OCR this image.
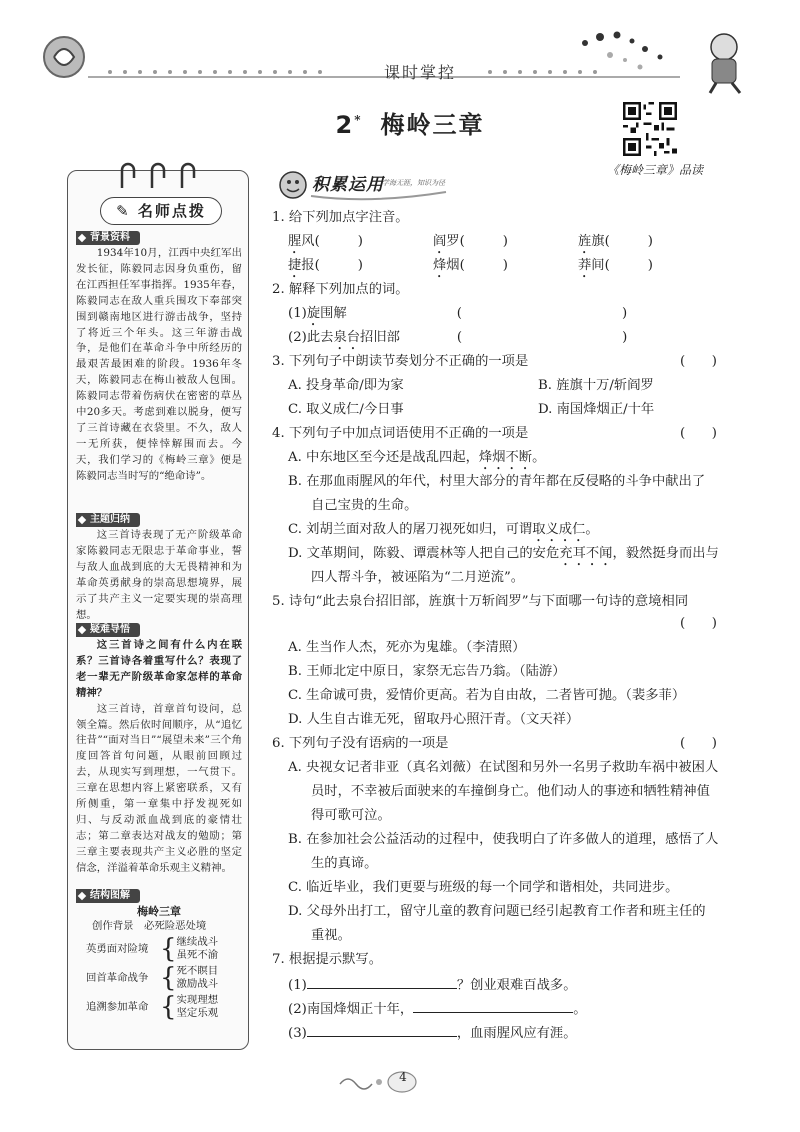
课时掌控
2* 梅岭三章
《梅岭三章》品读
✎ 名师点拨
背景资料

1934年10月，江西中央红军出发长征，陈毅同志因身负重伤，留在江西担任军事指挥。1935年春，陈毅同志在敌人重兵围攻下奉部突围到赣南地区进行游击战争，坚持了将近三个年头。这三年游击战争，是他们在革命斗争中所经历的最艰苦最困难的阶段。1936年冬天，陈毅同志在梅山被敌人包围。陈毅同志带着伤病伏在密密的草丛中20多天。考虑到难以脱身，便写了三首诗藏在衣袋里。不久，敌人一无所获，便悻悻解围而去。今天，我们学习的《梅岭三章》便是陈毅同志当时写的“绝命诗”。

主题归纳

这三首诗表现了无产阶级革命家陈毅同志无限忠于革命事业，誓与敌人血战到底的大无畏精神和为革命英勇献身的崇高思想境界，展示了共产主义一定要实现的崇高理想。

疑难导悟

这三首诗之间有什么内在联系？三首诗各着重写什么？表现了老一辈无产阶级革命家怎样的革命精神？

这三首诗，首章首句设问，总领全篇。然后依时间顺序，从“追忆往昔”“面对当日”“展望未来”三个角度回答首句问题，从眼前回顾过去，从现实写到理想，一气贯下。三章在思想内容上紧密联系，又有所侧重，第一章集中抒发视死如归、与反动派血战到底的豪情壮志；第二章表达对战友的勉励；第三章主要表现共产主义必胜的坚定信念，洋溢着革命乐观主义精神。

结构图解
梅岭三章
创作背景　 必死险恶处境
英勇面对险境 { 继续战斗
虽死不渝
回首革命战争 { 死不瞑目
激励战斗
追溯参加革命 { 实现理想
坚定乐观
积累运用
学海无涯，知识为径
1. 给下列加点字注音。
腥风(	)	阎罗(	)	旌旗(	)
捷报(	)	烽烟(	)	莽间(	)
2. 解释下列加点的词。
(1)旋围解	(	)
(2)此去泉台招旧部	(	)
3. 下列句子中朗读节奏划分不正确的一项是	(　　)
A. 投身革命/即为家	B. 旌旗十万/斩阎罗
C. 取义成仁/今日事	D. 南国烽烟正/十年
4. 下列句子中加点词语使用不正确的一项是	(　　)
A. 中东地区至今还是战乱四起，烽烟不断。
B. 在那血雨腥风的年代，村里大部分的青年都在反侵略的斗争中献出了
自己宝贵的生命。
C. 刘胡兰面对敌人的屠刀视死如归，可谓取义成仁。
D. 文革期间，陈毅、谭震林等人把自己的安危充耳不闻，毅然挺身而出与
四人帮斗争，被诬陷为“二月逆流”。
5. 诗句“此去泉台招旧部，旌旗十万斩阎罗”与下面哪一句诗的意境相同
(　　)
A. 生当作人杰，死亦为鬼雄。（李清照）
B. 王师北定中原日，家祭无忘告乃翁。（陆游）
C. 生命诚可贵，爱情价更高。若为自由故，二者皆可抛。（裴多菲）
D. 人生自古谁无死，留取丹心照汗青。（文天祥）
6. 下列句子没有语病的一项是	(　　)
A. 央视女记者非亚（真名刘薇）在试图和另外一名男子救助车祸中被困人
员时，不幸被后面驶来的车撞倒身亡。他们动人的事迹和牺牲精神值
得可歌可泣。
B. 在参加社会公益活动的过程中，使我明白了许多做人的道理，感悟了人
生的真谛。
C. 临近毕业，我们更要与班级的每一个同学和谐相处，共同进步。
D. 父母外出打工，留守儿童的教育问题已经引起教育工作者和班主任的
重视。
7. 根据提示默写。
(1)	？创业艰难百战多。
(2)南国烽烟正十年，	。
(3)	，血雨腥风应有涯。
4
